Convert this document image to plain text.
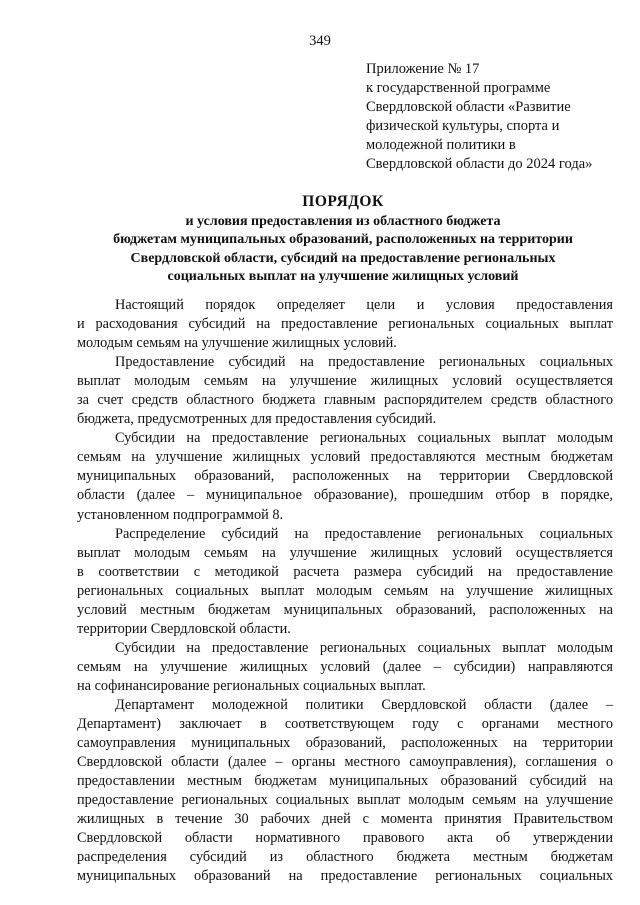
349
Приложение № 17
к государственной программе
Свердловской области «Развитие
физической культуры, спорта и
молодежной политики в
Свердловской области до 2024 года»
ПОРЯДОК
и условия предоставления из областного бюджета
бюджетам муниципальных образований, расположенных на территории
Свердловской области, субсидий на предоставление региональных
социальных выплат на улучшение жилищных условий

Настоящий порядок определяет цели и условия предоставления
и расходования субсидий на предоставление региональных социальных выплат
молодым семьям на улучшение жилищных условий.

Предоставление субсидий на предоставление региональных социальных
выплат молодым семьям на улучшение жилищных условий осуществляется
за счет средств областного бюджета главным распорядителем средств областного
бюджета, предусмотренных для предоставления субсидий.

Субсидии на предоставление региональных социальных выплат молодым
семьям на улучшение жилищных условий предоставляются местным бюджетам
муниципальных образований, расположенных на территории Свердловской
области (далее – муниципальное образование), прошедшим отбор в порядке,
установленном подпрограммой 8.

Распределение субсидий на предоставление региональных социальных
выплат молодым семьям на улучшение жилищных условий осуществляется
в соответствии с методикой расчета размера субсидий на предоставление
региональных социальных выплат молодым семьям на улучшение жилищных
условий местным бюджетам муниципальных образований, расположенных на
территории Свердловской области.

Субсидии на предоставление региональных социальных выплат молодым
семьям на улучшение жилищных условий (далее – субсидии) направляются
на софинансирование региональных социальных выплат.

Департамент молодежной политики Свердловской области (далее –
Департамент) заключает в соответствующем году с органами местного
самоуправления муниципальных образований, расположенных на территории
Свердловской области (далее – органы местного самоуправления), соглашения о
предоставлении местным бюджетам муниципальных образований субсидий на
предоставление региональных социальных выплат молодым семьям на улучшение
жилищных в течение 30 рабочих дней с момента принятия Правительством
Свердловской области нормативного правового акта об утверждении
распределения субсидий из областного бюджета местным бюджетам
муниципальных образований на предоставление региональных социальных
